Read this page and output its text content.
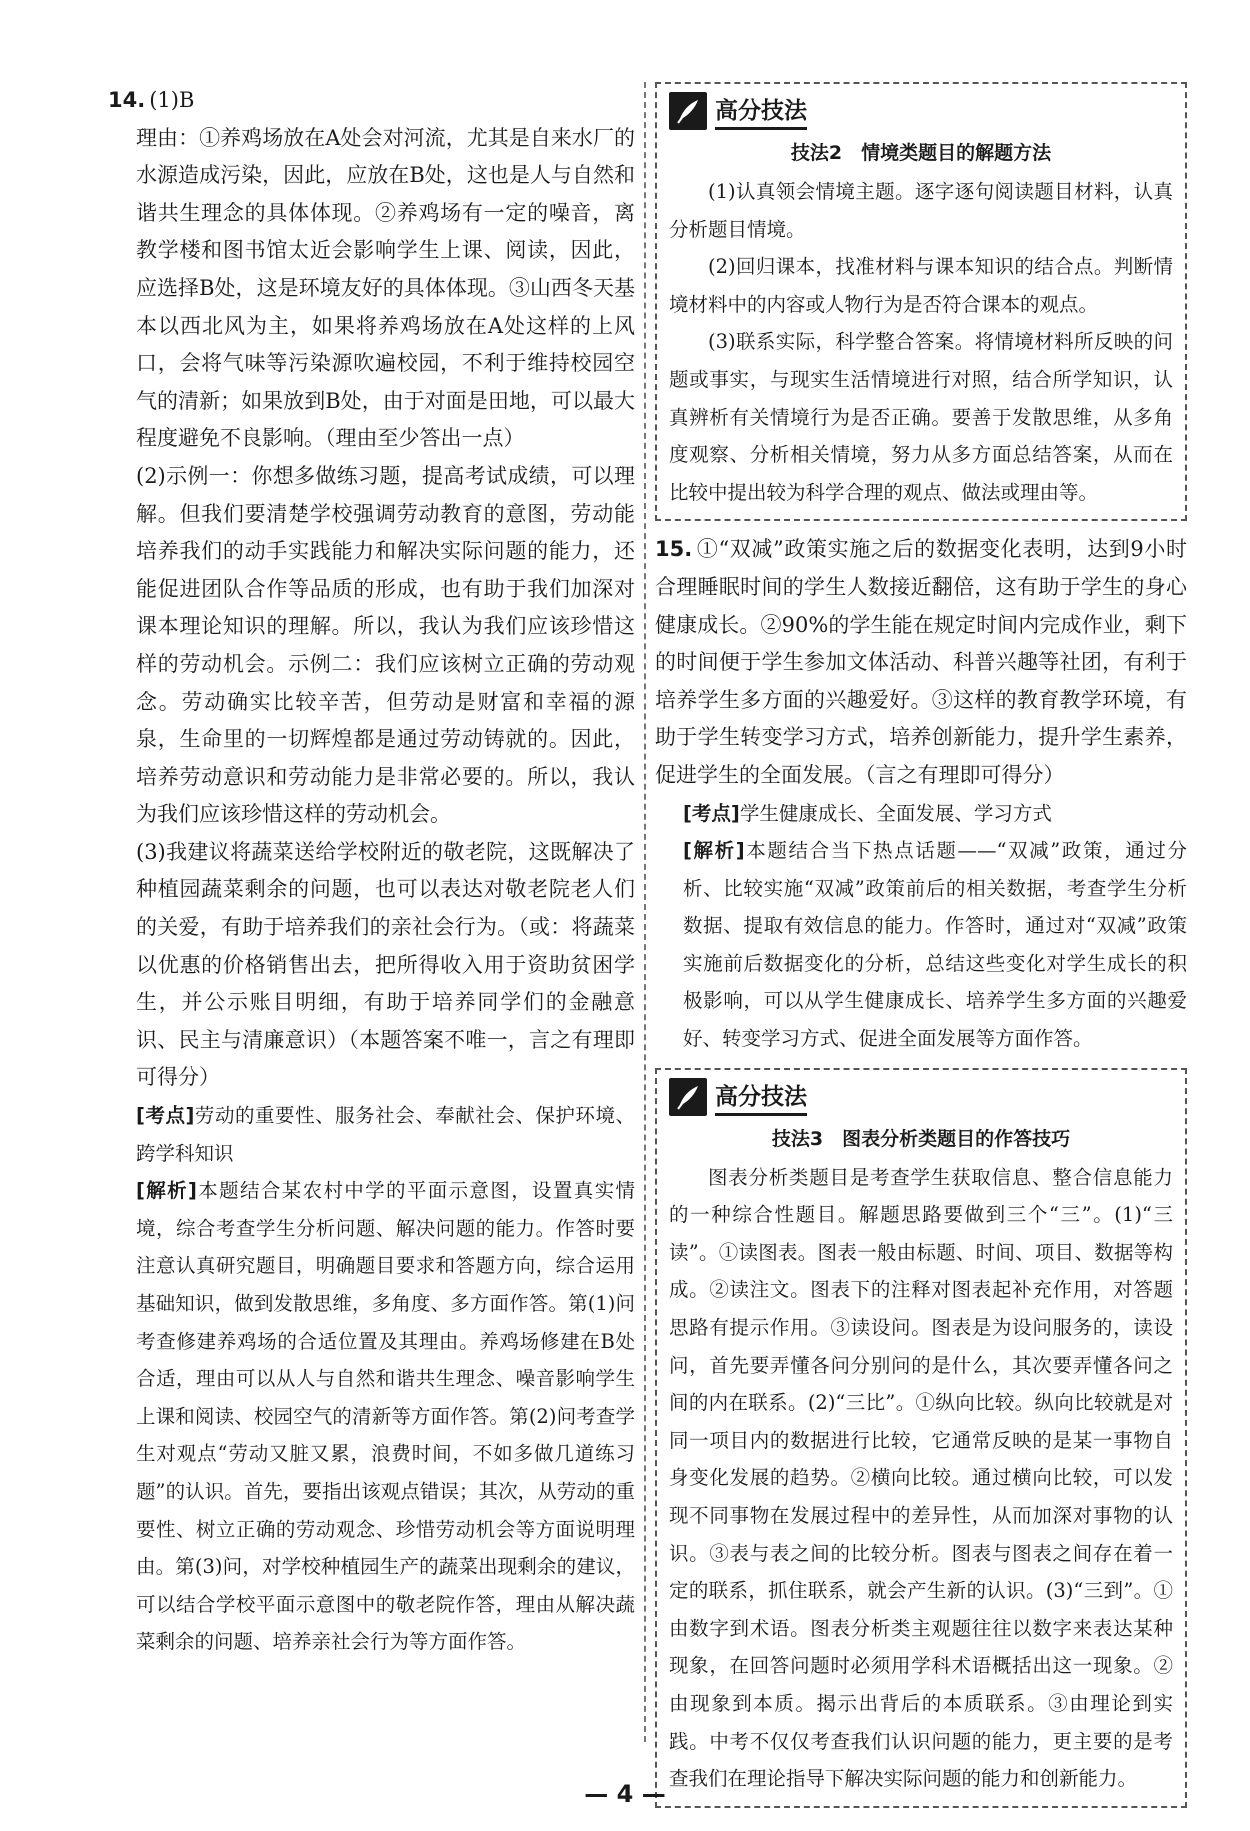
14. (1)B

理由：①养鸡场放在A处会对河流，尤其是自来水厂的水源造成污染，因此，应放在B处，这也是人与自然和谐共生理念的具体体现。②养鸡场有一定的噪音，离教学楼和图书馆太近会影响学生上课、阅读，因此，应选择B处，这是环境友好的具体体现。③山西冬天基本以西北风为主，如果将养鸡场放在A处这样的上风口，会将气味等污染源吹遍校园，不利于维持校园空气的清新；如果放到B处，由于对面是田地，可以最大程度避免不良影响。（理由至少答出一点）

(2)示例一：你想多做练习题，提高考试成绩，可以理解。但我们要清楚学校强调劳动教育的意图，劳动能培养我们的动手实践能力和解决实际问题的能力，还能促进团队合作等品质的形成，也有助于我们加深对课本理论知识的理解。所以，我认为我们应该珍惜这样的劳动机会。示例二：我们应该树立正确的劳动观念。劳动确实比较辛苦，但劳动是财富和幸福的源泉，生命里的一切辉煌都是通过劳动铸就的。因此，培养劳动意识和劳动能力是非常必要的。所以，我认为我们应该珍惜这样的劳动机会。

(3)我建议将蔬菜送给学校附近的敬老院，这既解决了种植园蔬菜剩余的问题，也可以表达对敬老院老人们的关爱，有助于培养我们的亲社会行为。（或：将蔬菜以优惠的价格销售出去，把所得收入用于资助贫困学生，并公示账目明细，有助于培养同学们的金融意识、民主与清廉意识）（本题答案不唯一，言之有理即可得分）

[考点]劳动的重要性、服务社会、奉献社会、保护环境、跨学科知识

[解析]本题结合某农村中学的平面示意图，设置真实情境，综合考查学生分析问题、解决问题的能力。作答时要注意认真研究题目，明确题目要求和答题方向，综合运用基础知识，做到发散思维，多角度、多方面作答。第(1)问考查修建养鸡场的合适位置及其理由。养鸡场修建在B处合适，理由可以从人与自然和谐共生理念、噪音影响学生上课和阅读、校园空气的清新等方面作答。第(2)问考查学生对观点“劳动又脏又累，浪费时间，不如多做几道练习题”的认识。首先，要指出该观点错误；其次，从劳动的重要性、树立正确的劳动观念、珍惜劳动机会等方面说明理由。第(3)问，对学校种植园生产的蔬菜出现剩余的建议，可以结合学校平面示意图中的敬老院作答，理由从解决蔬菜剩余的问题、培养亲社会行为等方面作答。

高分技法
技法2　情境类题目的解题方法

(1)认真领会情境主题。逐字逐句阅读题目材料，认真分析题目情境。

(2)回归课本，找准材料与课本知识的结合点。判断情境材料中的内容或人物行为是否符合课本的观点。

(3)联系实际，科学整合答案。将情境材料所反映的问题或事实，与现实生活情境进行对照，结合所学知识，认真辨析有关情境行为是否正确。要善于发散思维，从多角度观察、分析相关情境，努力从多方面总结答案，从而在比较中提出较为科学合理的观点、做法或理由等。

15. ①“双减”政策实施之后的数据变化表明，达到9小时合理睡眠时间的学生人数接近翻倍，这有助于学生的身心健康成长。②90%的学生能在规定时间内完成作业，剩下的时间便于学生参加文体活动、科普兴趣等社团，有利于培养学生多方面的兴趣爱好。③这样的教育教学环境，有助于学生转变学习方式，培养创新能力，提升学生素养，促进学生的全面发展。（言之有理即可得分）

[考点]学生健康成长、全面发展、学习方式

[解析]本题结合当下热点话题——“双减”政策，通过分析、比较实施“双减”政策前后的相关数据，考查学生分析数据、提取有效信息的能力。作答时，通过对“双减”政策实施前后数据变化的分析，总结这些变化对学生成长的积极影响，可以从学生健康成长、培养学生多方面的兴趣爱好、转变学习方式、促进全面发展等方面作答。

高分技法
技法3　图表分析类题目的作答技巧

图表分析类题目是考查学生获取信息、整合信息能力的一种综合性题目。解题思路要做到三个“三”。(1)“三读”。①读图表。图表一般由标题、时间、项目、数据等构成。②读注文。图表下的注释对图表起补充作用，对答题思路有提示作用。③读设问。图表是为设问服务的，读设问，首先要弄懂各问分别问的是什么，其次要弄懂各问之间的内在联系。(2)“三比”。①纵向比较。纵向比较就是对同一项目内的数据进行比较，它通常反映的是某一事物自身变化发展的趋势。②横向比较。通过横向比较，可以发现不同事物在发展过程中的差异性，从而加深对事物的认识。③表与表之间的比较分析。图表与图表之间存在着一定的联系，抓住联系，就会产生新的认识。(3)“三到”。①由数字到术语。图表分析类主观题往往以数字来表达某种现象，在回答问题时必须用学科术语概括出这一现象。②由现象到本质。揭示出背后的本质联系。③由理论到实践。中考不仅仅考查我们认识问题的能力，更主要的是考查我们在理论指导下解决实际问题的能力和创新能力。

— 4 —
